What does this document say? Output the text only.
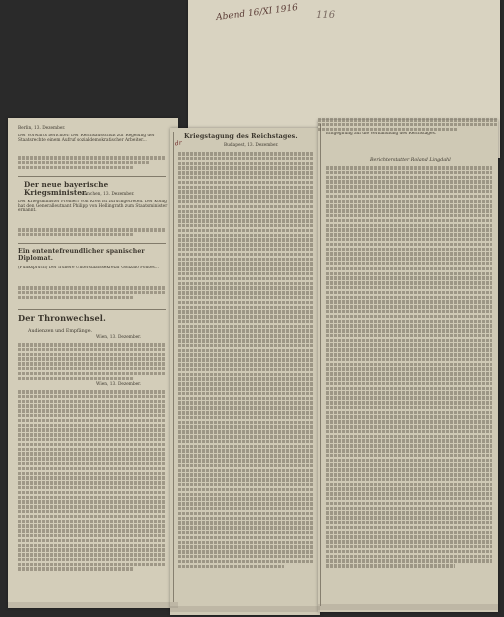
Abend 16/XI 1916 116
dr
Berlin, 13. Dezember.
Der Vorwärts berichtet: Der Reichsausschuß zur Regelung der Staatsrechte einem Aufruf sozialdemokratischer Arbeiter...
Der neue bayerische Kriegsminister.
München, 13. Dezember.
Der Kriegsminister Freiherr von Kreß ist zurückgetreten. Der König hat den Generalleutnant Philipp von Hellingrath zum Staatsminister ernannt.
Ein ententefreundlicher spanischer Diplomat.
(Funkspruch) Der frühere Unterstaatssekretär Gonzalo Fontes...
Der Thronwechsel.
Audienzen und Empfänge.
Wien, 13. Dezember.
Wien, 13. Dezember.
Kriegstagung des Reichstages.
Budapest, 13. Dezember.
Entgegnung auf die Verhandlung des Reichstages.
Berichterstatter Roland Lingdahl
